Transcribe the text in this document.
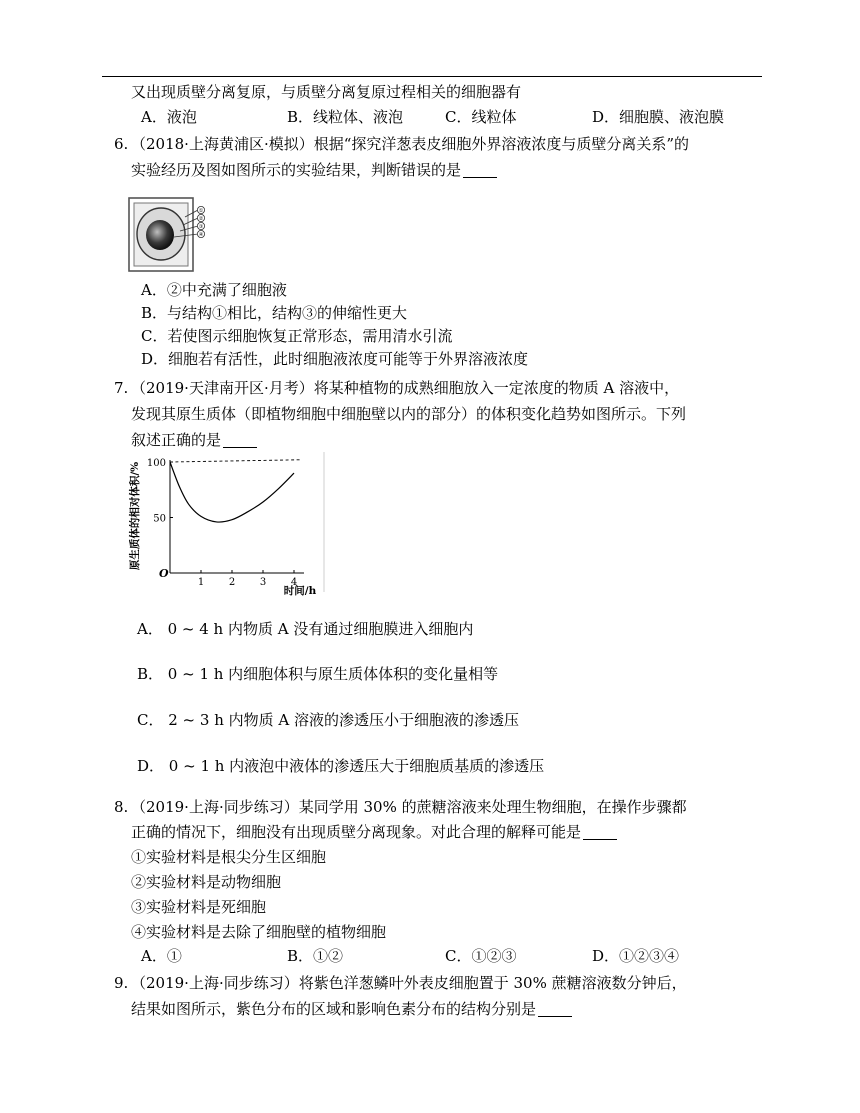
又出现质壁分离复原，与质壁分离复原过程相关的细胞器有
A．液泡	B．线粒体、液泡	C．线粒体	D．细胞膜、液泡膜
6. （2018·上海黄浦区·模拟）根据“探究洋葱表皮细胞外界溶液浓度与质壁分离关系”的
实验经历及图如图所示的实验结果，判断错误的是
①
②
③
④
A．②中充满了细胞液
B．与结构①相比，结构③的伸缩性更大
C．若使图示细胞恢复正常形态，需用清水引流
D．细胞若有活性，此时细胞液浓度可能等于外界溶液浓度
7. （2019·天津南开区·月考）将某种植物的成熟细胞放入一定浓度的物质 A 溶液中，
发现其原生质体（即植物细胞中细胞壁以内的部分）的体积变化趋势如图所示。下列
叙述正确的是
原生质体的相对体积/%
时间/h
O
1 2 3 4
50
100
A． 0 ~ 4 h 内物质 A 没有通过细胞膜进入细胞内
B． 0 ~ 1 h 内细胞体积与原生质体体积的变化量相等
C． 2 ~ 3 h 内物质 A 溶液的渗透压小于细胞液的渗透压
D． 0 ~ 1 h 内液泡中液体的渗透压大于细胞质基质的渗透压
8. （2019·上海·同步练习）某同学用 30% 的蔗糖溶液来处理生物细胞，在操作步骤都
正确的情况下，细胞没有出现质壁分离现象。对此合理的解释可能是
①实验材料是根尖分生区细胞
②实验材料是动物细胞
③实验材料是死细胞
④实验材料是去除了细胞壁的植物细胞
A．①	B．①②	C．①②③	D．①②③④
9. （2019·上海·同步练习）将紫色洋葱鳞叶外表皮细胞置于 30% 蔗糖溶液数分钟后，
结果如图所示，紫色分布的区域和影响色素分布的结构分别是
